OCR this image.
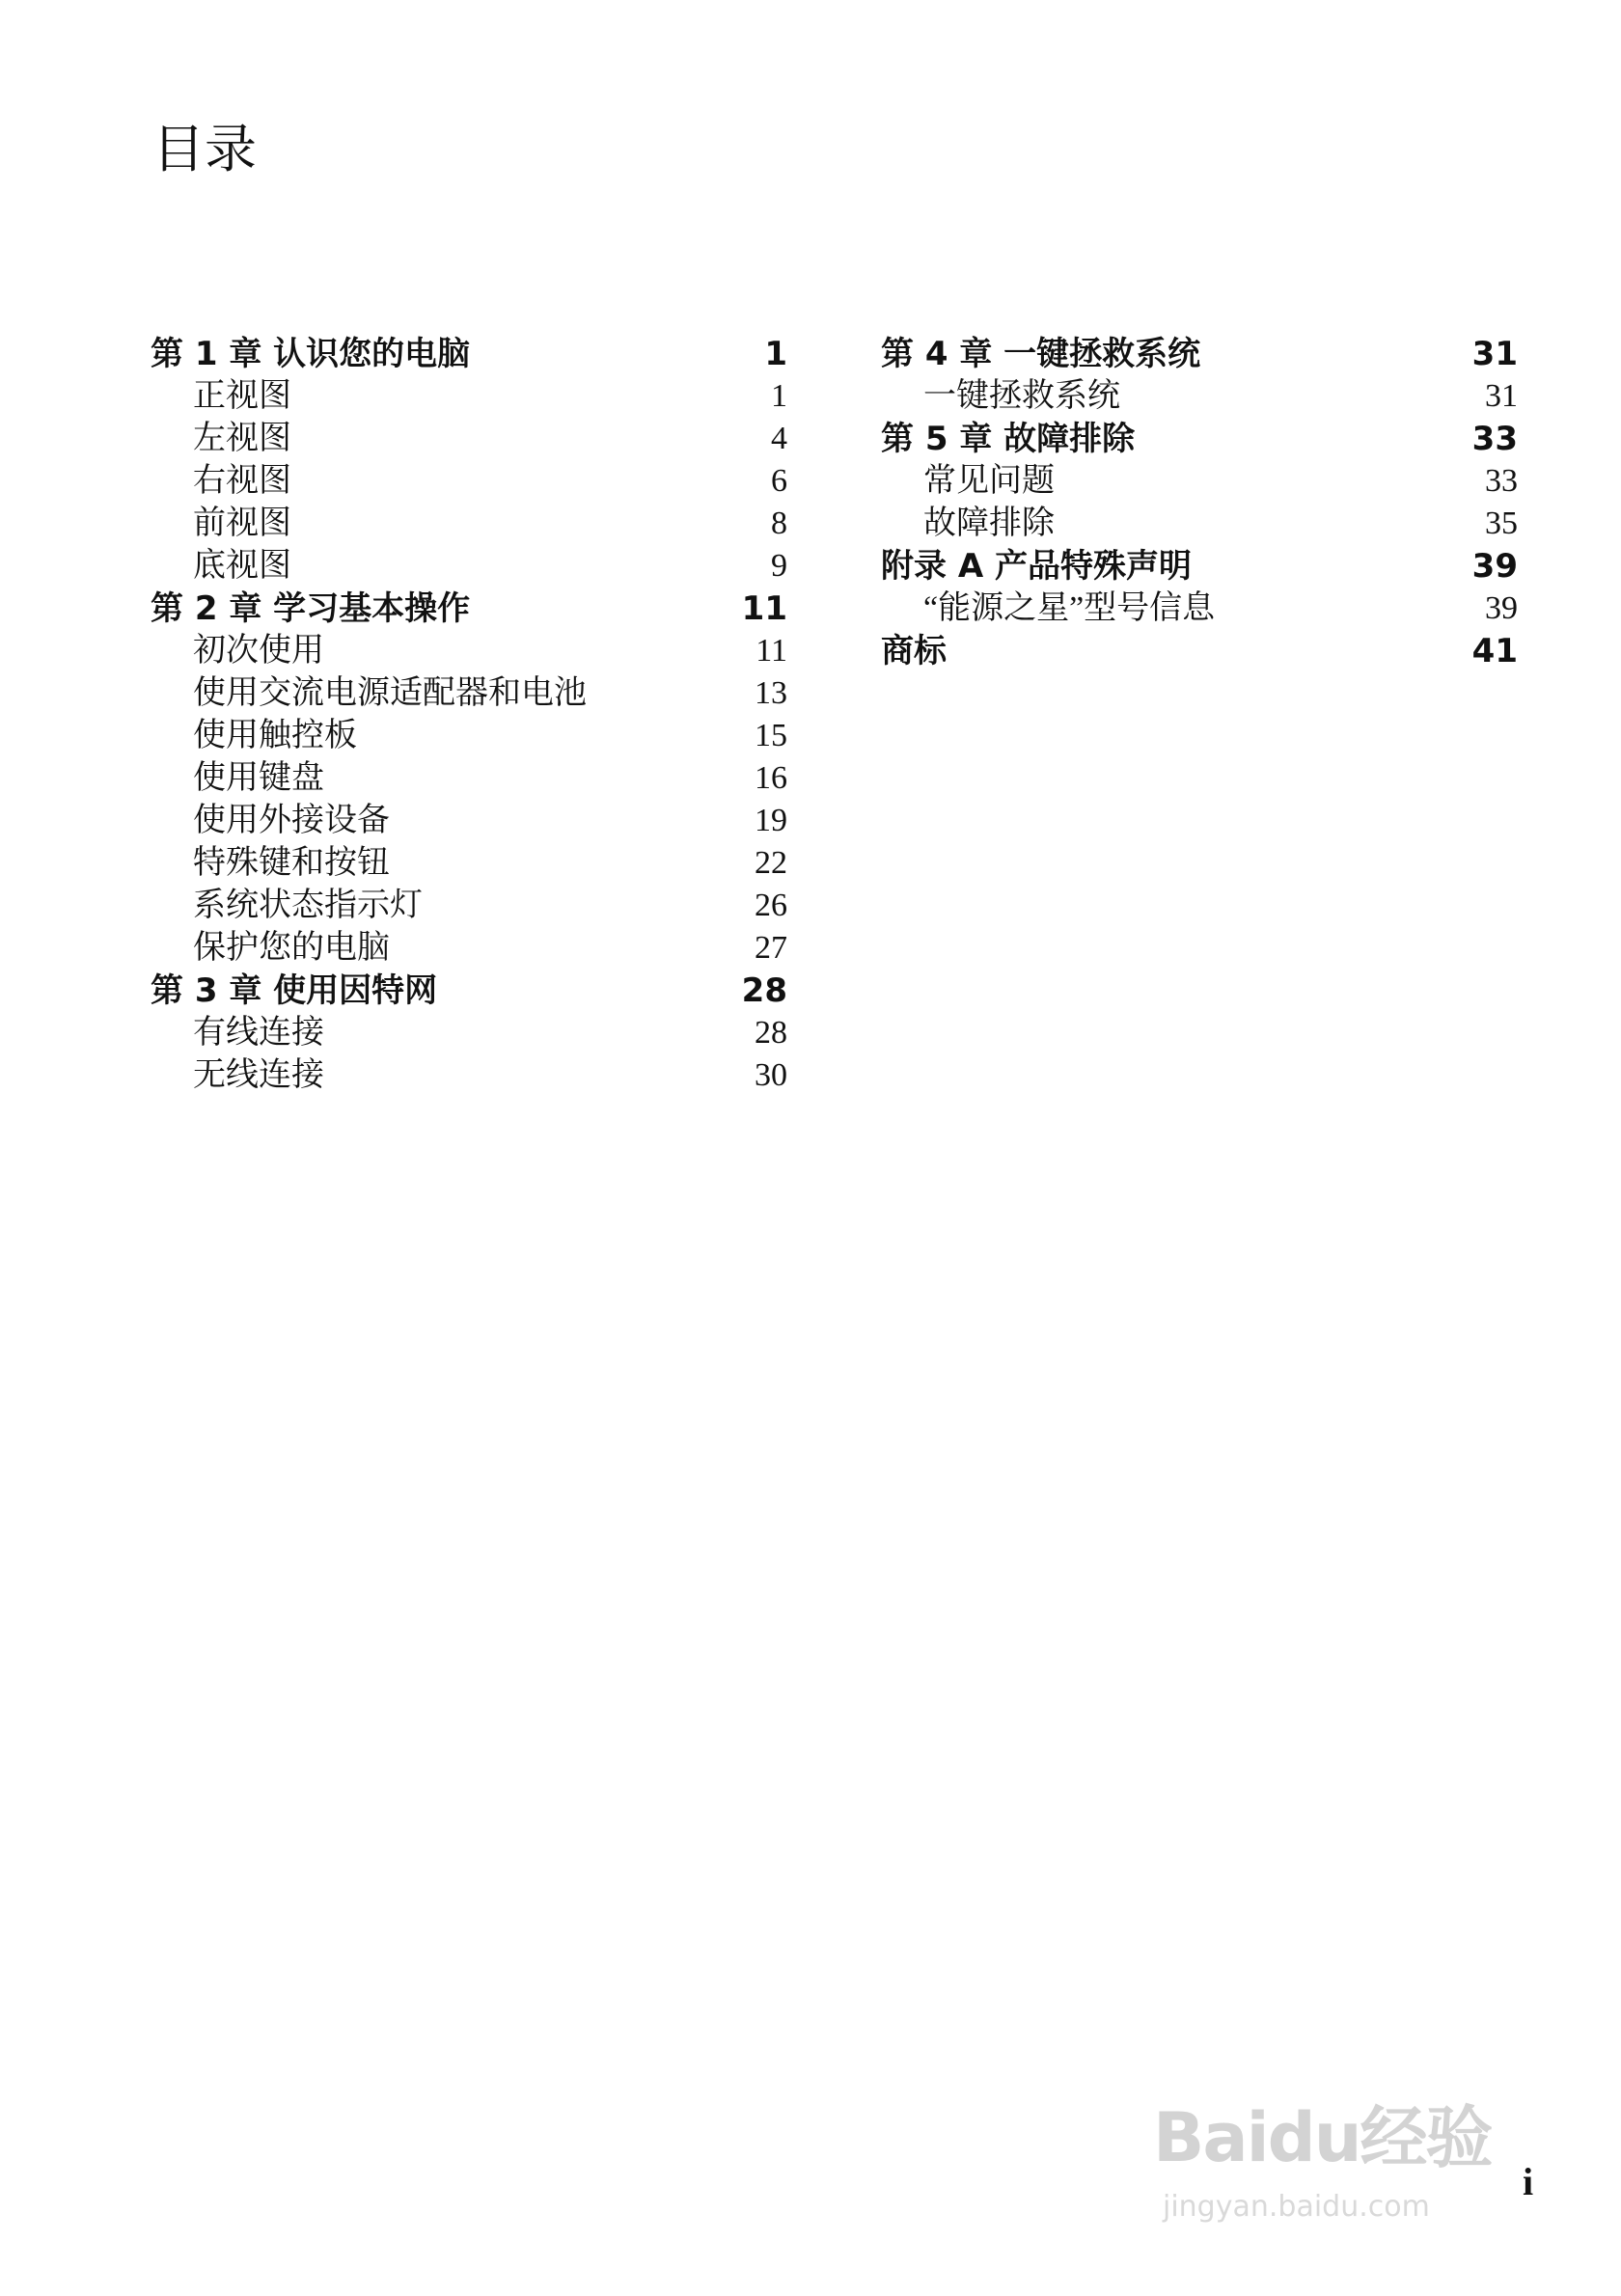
目录
第 1 章 认识您的电脑	1
正视图	1
左视图	4
右视图	6
前视图	8
底视图	9
第 2 章 学习基本操作	11
初次使用	11
使用交流电源适配器和电池	13
使用触控板	15
使用键盘	16
使用外接设备	19
特殊键和按钮	22
系统状态指示灯	26
保护您的电脑	27
第 3 章 使用因特网	28
有线连接	28
无线连接	30
第 4 章 一键拯救系统	31
一键拯救系统	31
第 5 章 故障排除	33
常见问题	33
故障排除	35
附录 A 产品特殊声明	39
“能源之星”型号信息	39
商标	41
i
Baidu经验
jingyan.baidu.com
